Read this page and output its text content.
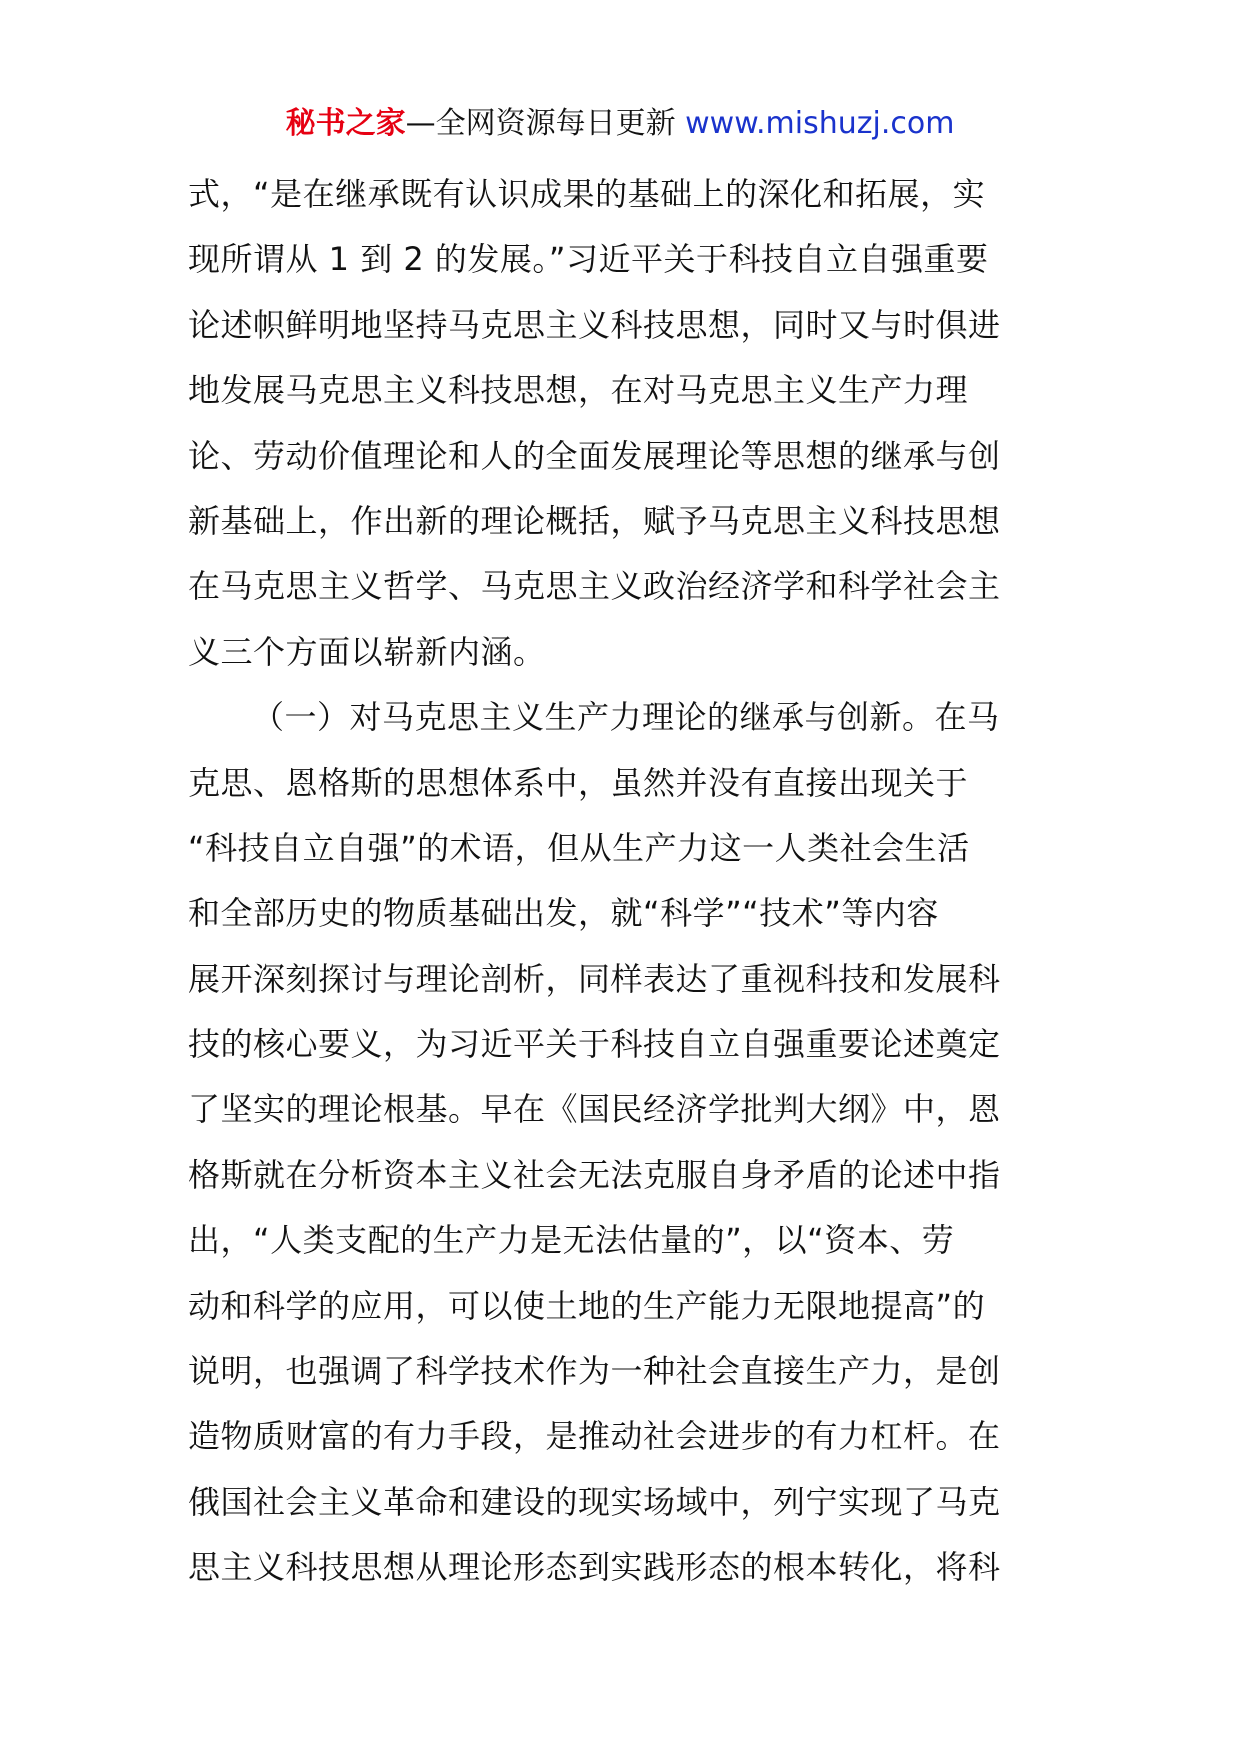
秘书之家—全网资源每日更新 www.mishuzj.com
式，“是在继承既有认识成果的基础上的深化和拓展，实
现所谓从 1 到 2 的发展。”习近平关于科技自立自强重要
论述帜鲜明地坚持马克思主义科技思想，同时又与时俱进
地发展马克思主义科技思想，在对马克思主义生产力理
论、劳动价值理论和人的全面发展理论等思想的继承与创
新基础上，作出新的理论概括，赋予马克思主义科技思想
在马克思主义哲学、马克思主义政治经济学和科学社会主
义三个方面以崭新内涵。
（一）对马克思主义生产力理论的继承与创新。在马
克思、恩格斯的思想体系中，虽然并没有直接出现关于
“科技自立自强”的术语，但从生产力这一人类社会生活
和全部历史的物质基础出发，就“科学”“技术”等内容
展开深刻探讨与理论剖析，同样表达了重视科技和发展科
技的核心要义，为习近平关于科技自立自强重要论述奠定
了坚实的理论根基。早在《国民经济学批判大纲》中，恩
格斯就在分析资本主义社会无法克服自身矛盾的论述中指
出，“人类支配的生产力是无法估量的”，以“资本、劳
动和科学的应用，可以使土地的生产能力无限地提高”的
说明，也强调了科学技术作为一种社会直接生产力，是创
造物质财富的有力手段，是推动社会进步的有力杠杆。在
俄国社会主义革命和建设的现实场域中，列宁实现了马克
思主义科技思想从理论形态到实践形态的根本转化，将科
